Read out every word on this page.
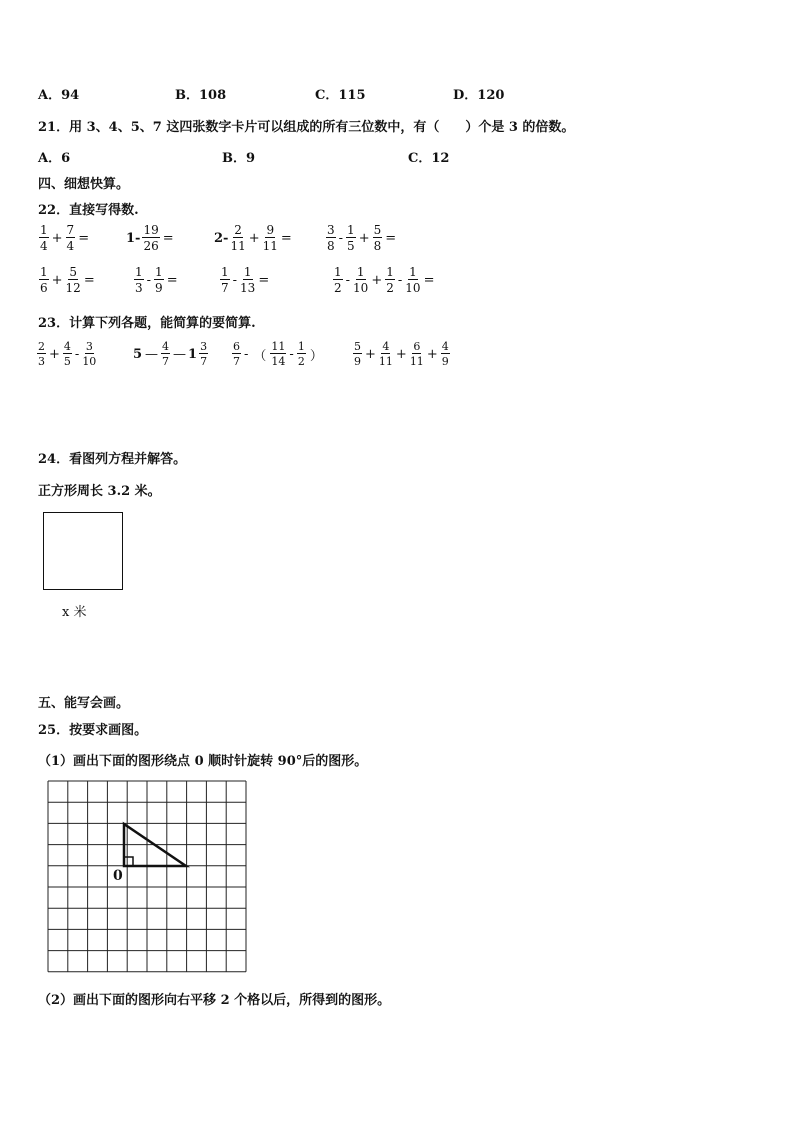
A．94	B．108	C．115	D．120
21．用 3、4、5、7 这四张数字卡片可以组成的所有三位数中，有（　　）个是 3 的倍数。
A．6	B．9	C．12
四、细想快算。
22．直接写得数.
$\frac{1}{4} + \frac{7}{4}$ =	$1- \frac{19}{26}$ =	$2- \frac{2}{11} + \frac{9}{11}$ =	$\frac{3}{8} - \frac{1}{5} + \frac{5}{8}$ =
$\frac{1}{6} + \frac{5}{12}$ =	$\frac{1}{3} - \frac{1}{9}$ =	$\frac{1}{7} - \frac{1}{13}$ =	$\frac{1}{2} - \frac{1}{10} + \frac{1}{2} - \frac{1}{10}$ =
23．计算下列各题，能简算的要简算.
$\frac{2}{3} + \frac{4}{5} - \frac{3}{10}$	5 — $\frac{4}{7}$ — $1 \frac{3}{7} \frac{6}{7}$ - （ $\frac{11}{14} - \frac{1}{2}$ ）	$\frac{5}{9} + \frac{4}{11} + \frac{6}{11} + \frac{4}{9}$
24．看图列方程并解答。
正方形周长 3.2 米。
x 米
五、能写会画。
25．按要求画图。
（1）画出下面的图形绕点 0 顺时针旋转 90°后的图形。
0
（2）画出下面的图形向右平移 2 个格以后，所得到的图形。
